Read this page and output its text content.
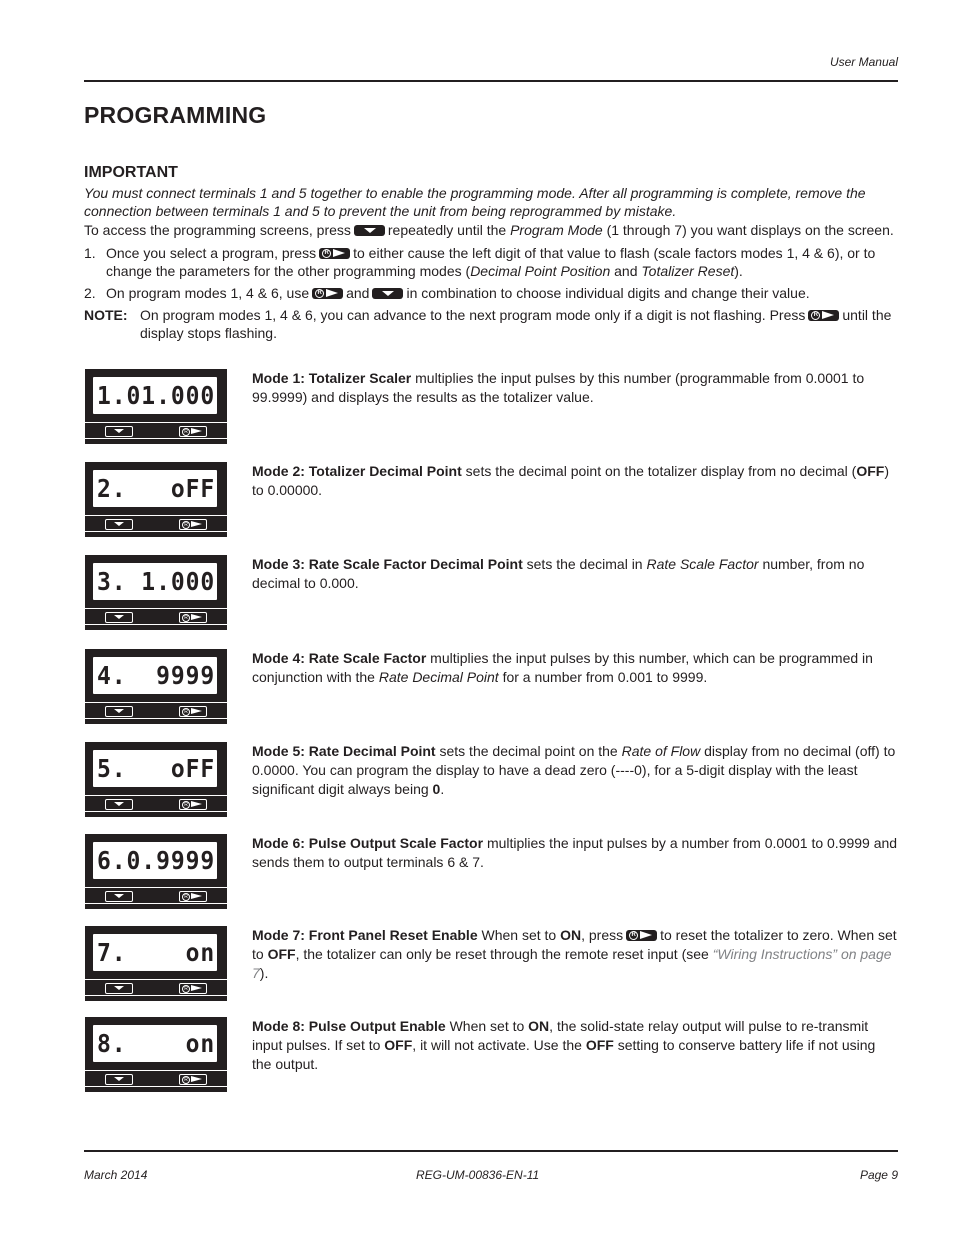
User Manual
PROGRAMMING
IMPORTANT

You must connect terminals 1 and 5 together to enable the programming mode. After all programming is complete, remove the connection between terminals 1 and 5 to prevent the unit from being reprogrammed by mistake.

To access the programming screens, press	repeatedly until the Program Mode (1 through 7) you want displays on the screen.

1. Once you select a program, press	R to either cause the left digit of that value to flash (scale factors modes 1, 4 & 6), or to change the parameters for the other programming modes (Decimal Point Position and Totalizer Reset).
2. On program modes 1, 4 & 6, use	R and	in combination to choose individual digits and change their value.

NOTE: On program modes 1, 4 & 6, you can advance to the next program mode only if a digit is not flashing. Press	R until the display stops flashing.

1.01.000
R

Mode 1: Totalizer Scaler multiplies the input pulses by this number (programmable from 0.0001 to 99.9999) and displays the results as the totalizer value.

2.   oFF
R

Mode 2: Totalizer Decimal Point sets the decimal point on the totalizer display from no decimal (OFF) to 0.00000.

3. 1.000
R

Mode 3: Rate Scale Factor Decimal Point sets the decimal in Rate Scale Factor number, from no decimal to 0.000.

4.  9999
R

Mode 4: Rate Scale Factor multiplies the input pulses by this number, which can be programmed in conjunction with the Rate Decimal Point for a number from 0.001 to 9999.

5.   oFF
R

Mode 5: Rate Decimal Point sets the decimal point on the Rate of Flow display from no decimal (off) to 0.0000. You can program the display to have a dead zero (----0), for a 5-digit display with the least significant digit always being 0.

6.0.9999
R

Mode 6: Pulse Output Scale Factor multiplies the input pulses by a number from 0.0001 to 0.9999 and sends them to output terminals 6 & 7.

7.    on
R

Mode 7: Front Panel Reset Enable When set to ON, press	R to reset the totalizer to zero. When set to OFF, the totalizer can only be reset through the remote reset input (see “Wiring Instructions” on page 7).

8.    on
R

Mode 8: Pulse Output Enable When set to ON, the solid-state relay output will pulse to re-transmit input pulses. If set to OFF, it will not activate. Use the OFF setting to conserve battery life if not using the output.

March 2014	REG-UM-00836-EN-11	Page 9
